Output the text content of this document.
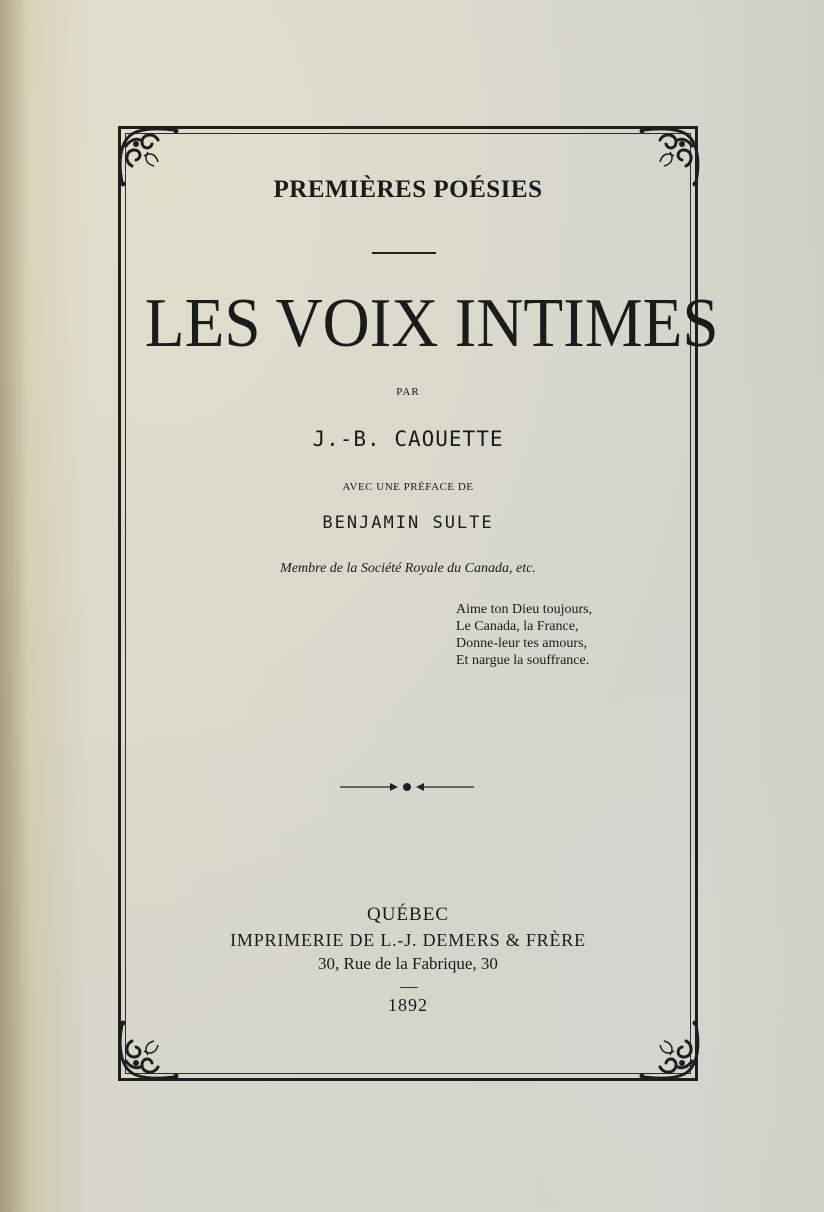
PREMIÈRES POÉSIES
LES VOIX INTIMES
PAR
J.-B. CAOUETTE
AVEC UNE PRÉFACE DE
BENJAMIN SULTE
Membre de la Société Royale du Canada, etc.
Aime ton Dieu toujours,
Le Canada, la France,
Donne-leur tes amours,
Et nargue la souffrance.
QUÉBEC
IMPRIMERIE DE L.-J. DEMERS & FRÈRE
30, Rue de la Fabrique, 30
1892
